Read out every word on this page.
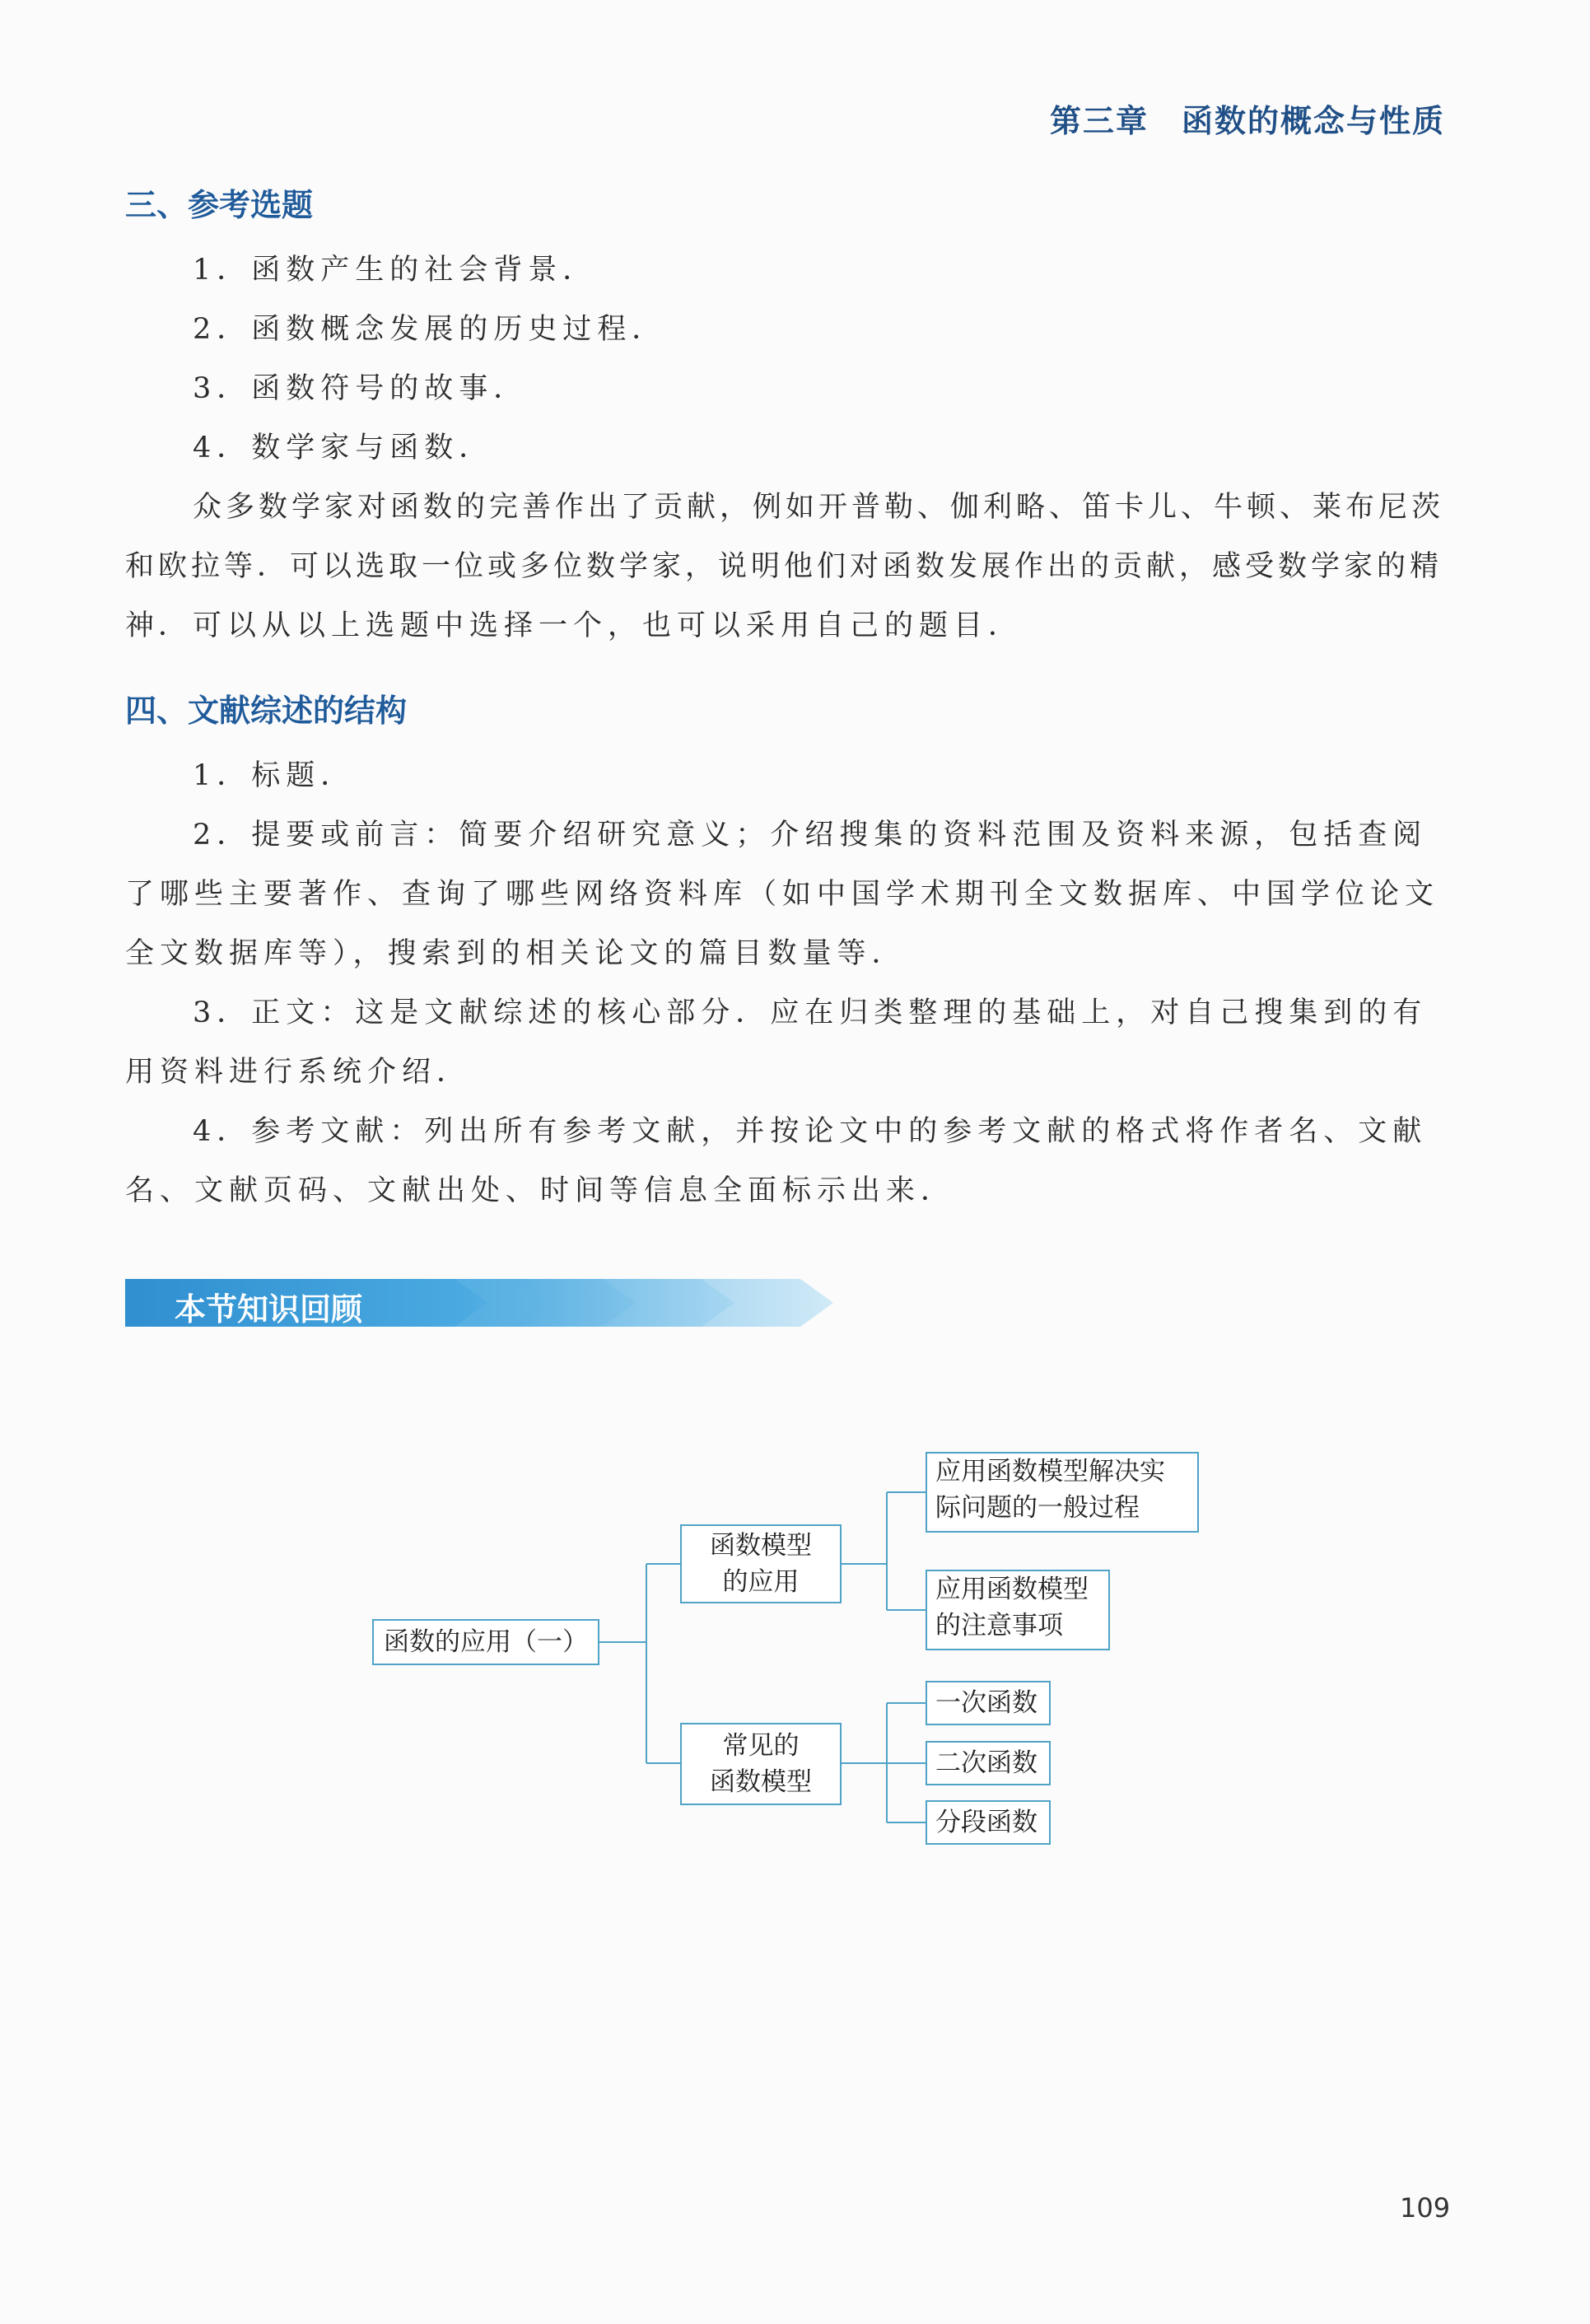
第三章　函数的概念与性质
三、参考选题

1．函数产生的社会背景．

2．函数概念发展的历史过程．

3．函数符号的故事．

4．数学家与函数．

众多数学家对函数的完善作出了贡献，例如开普勒、伽利略、笛卡儿、牛顿、莱布尼茨和欧拉等．可以选取一位或多位数学家，说明他们对函数发展作出的贡献，感受数学家的精神． 可以从以上选题中选择一个，也可以采用自己的题目．

四、文献综述的结构

1．标题．

2．提要或前言：简要介绍研究意义；介绍搜集的资料范围及资料来源，包括查阅了哪些主要著作、查询了哪些网络资料库（如中国学术期刊全文数据库、中国学位论文全文数据库等），搜索到的相关论文的篇目数量等．

3．正文：这是文献综述的核心部分．应在归类整理的基础上，对自己搜集到的有用资料进行系统介绍．

4．参考文献：列出所有参考文献，并按论文中的参考文献的格式将作者名、文献名、文献页码、文献出处、时间等信息全面标示出来．

本节知识回顾
函数的应用（一）
函数模型
的应用
应用函数模型解决实
际问题的一般过程
应用函数模型
的注意事项
常见的
函数模型
一次函数
二次函数
分段函数
109
